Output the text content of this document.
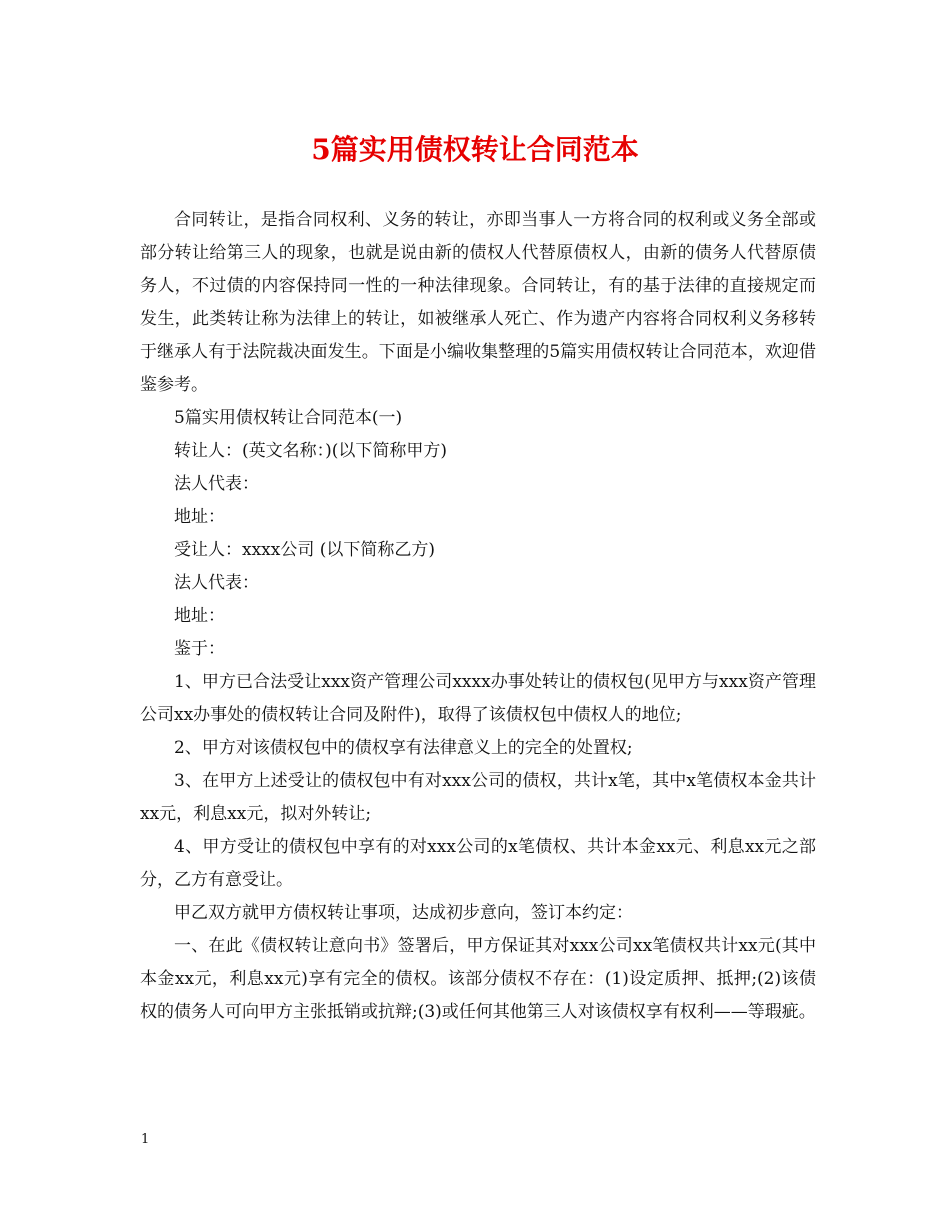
5篇实用债权转让合同范本

合同转让，是指合同权利、义务的转让，亦即当事人一方将合同的权利或义务全部或部分转让给第三人的现象，也就是说由新的债权人代替原债权人，由新的债务人代替原债务人，不过债的内容保持同一性的一种法律现象。合同转让，有的基于法律的直接规定而发生，此类转让称为法律上的转让，如被继承人死亡、作为遗产内容将合同权利义务移转于继承人有于法院裁决面发生。下面是小编收集整理的5篇实用债权转让合同范本，欢迎借鉴参考。

5篇实用债权转让合同范本(一)

转让人：(英文名称：)(以下简称甲方)

法人代表：

地址：

受让人：xxxx公司 (以下简称乙方)

法人代表：

地址：

鉴于：

1、甲方已合法受让xxx资产管理公司xxxx办事处转让的债权包(见甲方与xxx资产管理公司xx办事处的债权转让合同及附件)，取得了该债权包中债权人的地位;

2、甲方对该债权包中的债权享有法律意义上的完全的处置权;

3、在甲方上述受让的债权包中有对xxx公司的债权，共计x笔，其中x笔债权本金共计xx元，利息xx元，拟对外转让;

4、甲方受让的债权包中享有的对xxx公司的x笔债权、共计本金xx元、利息xx元之部分，乙方有意受让。

甲乙双方就甲方债权转让事项，达成初步意向，签订本约定：

一、在此《债权转让意向书》签署后，甲方保证其对xxx公司xx笔债权共计xx元(其中本金xx元，利息xx元)享有完全的债权。该部分债权不存在：(1)设定质押、抵押;(2)该债权的债务人可向甲方主张抵销或抗辩;(3)或任何其他第三人对该债权享有权利——等瑕疵。

1
